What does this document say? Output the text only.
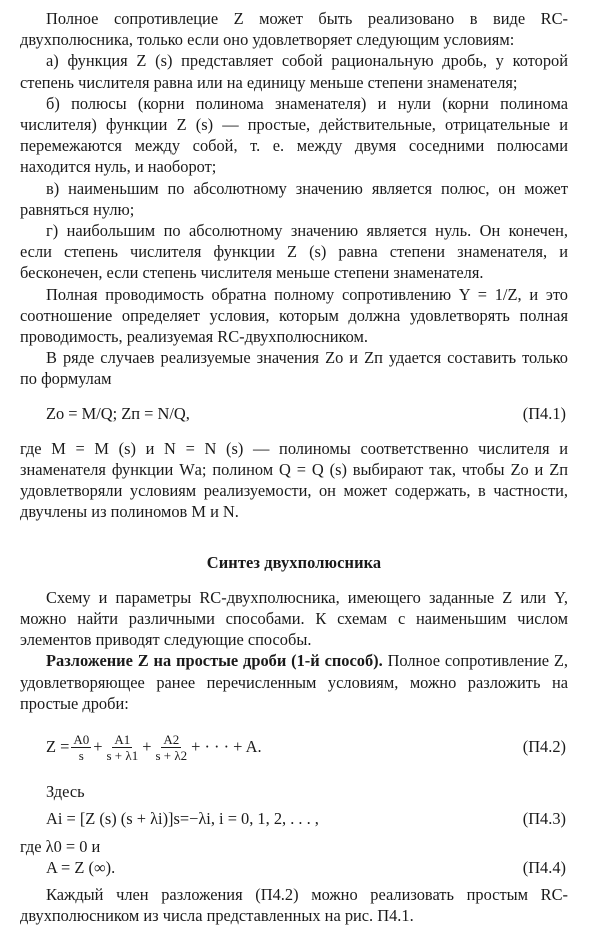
Полное сопротивлецие Z может быть реализовано в виде RC-двухполюсника, только если оно удовлетворяет следующим условиям:

а) функция Z (s) представляет собой рациональную дробь, у которой степень числителя равна или на единицу меньше степени знаменателя;

б) полюсы (корни полинома знаменателя) и нули (корни полинома числителя) функции Z (s) — простые, действительные, отрицательные и перемежаются между собой, т. е. между двумя соседними полюсами находится нуль, и наоборот;

в) наименьшим по абсолютному значению является полюс, он может равняться нулю;

г) наибольшим по абсолютному значению является нуль. Он конечен, если степень числителя функции Z (s) равна степени знаменателя, и бесконечен, если степень числителя меньше степени знаменателя.

Полная проводимость обратна полному сопротивлению Y = 1/Z, и это соотношение определяет условия, которым должна удовлетворять полная проводимость, реализуемая RC-двухполюсником.

В ряде случаев реализуемые значения Zо и Zп удается составить только по формулам

Zо = M/Q; Zп = N/Q,	(П4.1)

где M = M (s) и N = N (s) — полиномы соответственно числителя и знаменателя функции Wа; полином Q = Q (s) выбирают так, чтобы Zо и Zп удовлетворяли условиям реализуемости, он может содержать, в частности, двучлены из полиномов M и N.

Синтез двухполюсника

Схему и параметры RC-двухполюсника, имеющего заданные Z или Y, можно найти различными способами. К схемам с наименьшим числом элементов приводят следующие способы.

Разложение Z на простые дроби (1-й способ). Полное сопротивление Z, удовлетворяющее ранее перечисленным условиям, можно разложить на простые дроби:

$Z = \frac{A0}{s} + \frac{A1}{s + \lambda 1} + \frac{A2}{s + \lambda 2}$ + · · · + A.	(П4.2)

Здесь

Ai = [Z (s) (s + λi)]s=−λi, i = 0, 1, 2, . . . ,	(П4.3)

где λ0 = 0 и

A = Z (∞).	(П4.4)

Каждый член разложения (П4.2) можно реализовать простым RC-двухполюсником из числа представленных на рис. П4.1.
